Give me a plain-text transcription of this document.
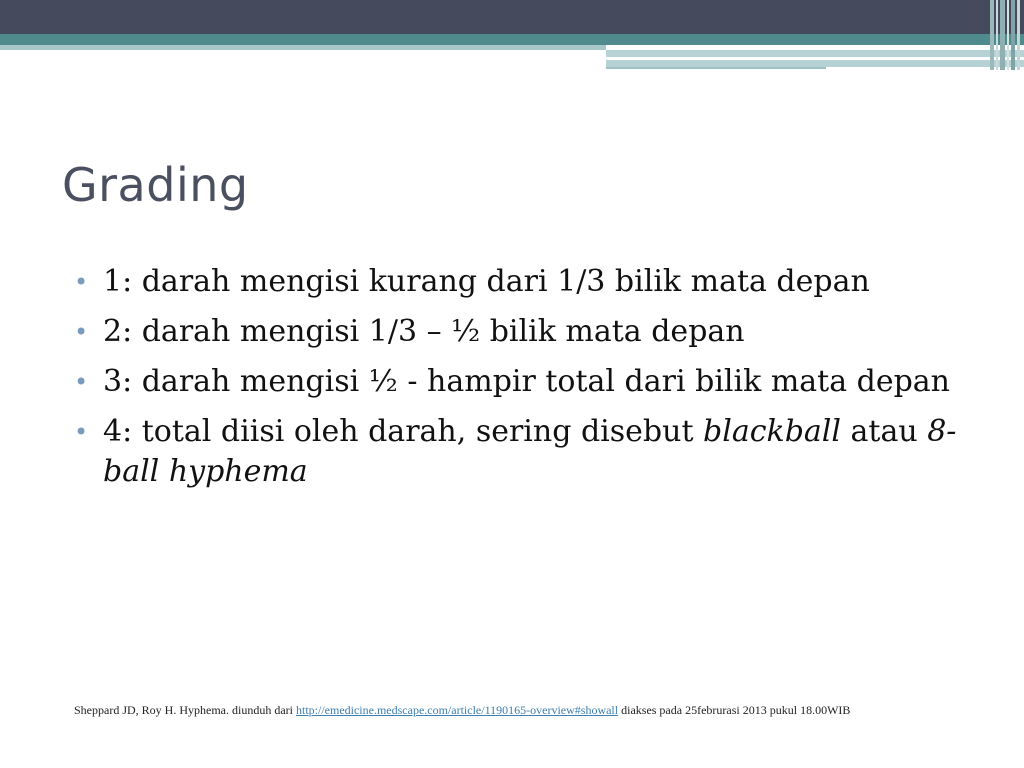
Grading
• 1: darah mengisi kurang dari 1/3 bilik mata depan
• 2: darah mengisi 1/3 – ½ bilik mata depan
• 3: darah mengisi ½ - hampir total dari bilik mata depan
• 4: total diisi oleh darah, sering disebut blackball atau 8-ball hyphema
Sheppard JD, Roy H. Hyphema. diunduh dari http://emedicine.medscape.com/article/1190165-overview#showall diakses pada 25februrasi 2013 pukul 18.00WIB
